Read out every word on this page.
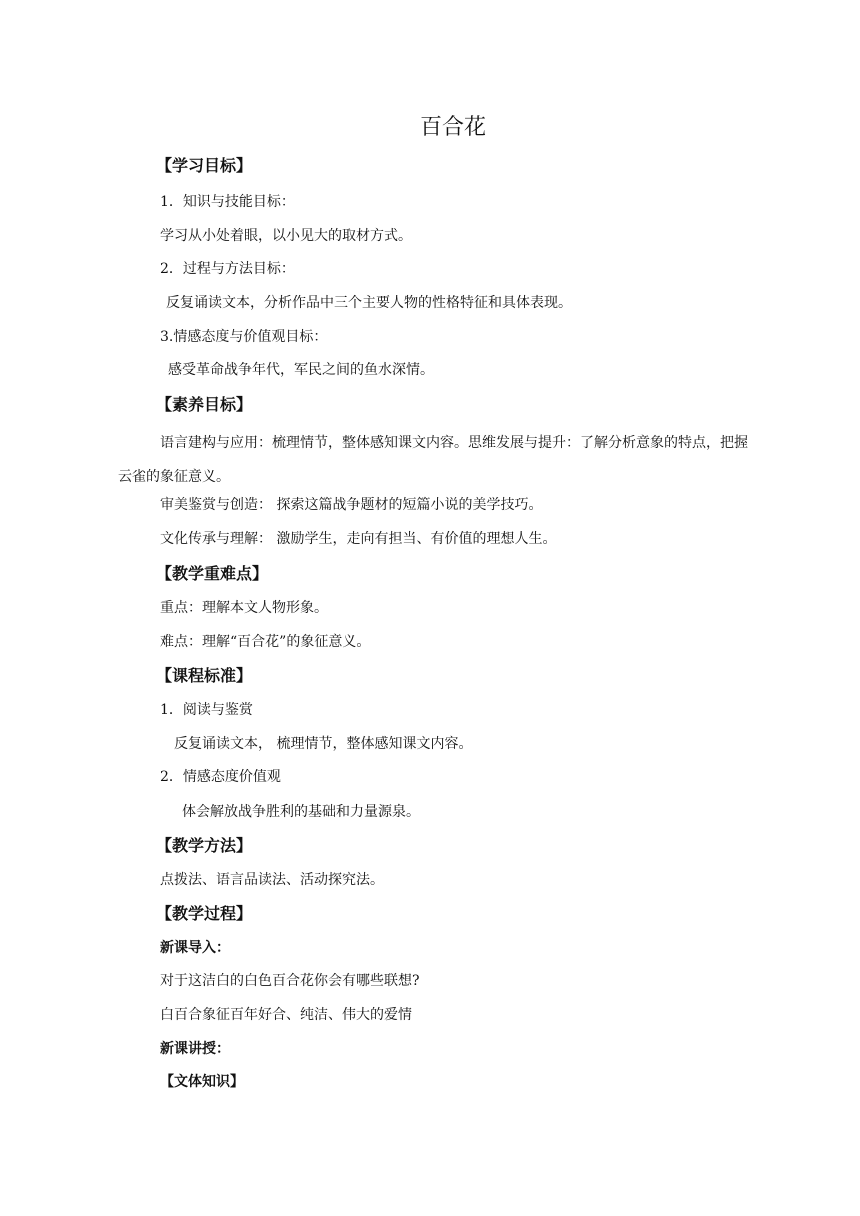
百合花
【学习目标】

1．知识与技能目标：

学习从小处着眼，以小见大的取材方式。

2．过程与方法目标：

反复诵读文本，分析作品中三个主要人物的性格特征和具体表现。

3.情感态度与价值观目标：

感受革命战争年代，军民之间的鱼水深情。

【素养目标】

语言建构与应用：梳理情节，整体感知课文内容。思维发展与提升：了解分析意象的特点，把握云雀的象征意义。

审美鉴赏与创造： 探索这篇战争题材的短篇小说的美学技巧。

文化传承与理解： 激励学生，走向有担当、有价值的理想人生。

【教学重难点】

重点：理解本文人物形象。

难点：理解“百合花”的象征意义。

【课程标准】

1．阅读与鉴赏

反复诵读文本， 梳理情节，整体感知课文内容。

2．情感态度价值观

体会解放战争胜利的基础和力量源泉。

【教学方法】

点拨法、语言品读法、活动探究法。

【教学过程】

新课导入：

对于这洁白的白色百合花你会有哪些联想?

白百合象征百年好合、纯洁、伟大的爱情

新课讲授：

【文体知识】
